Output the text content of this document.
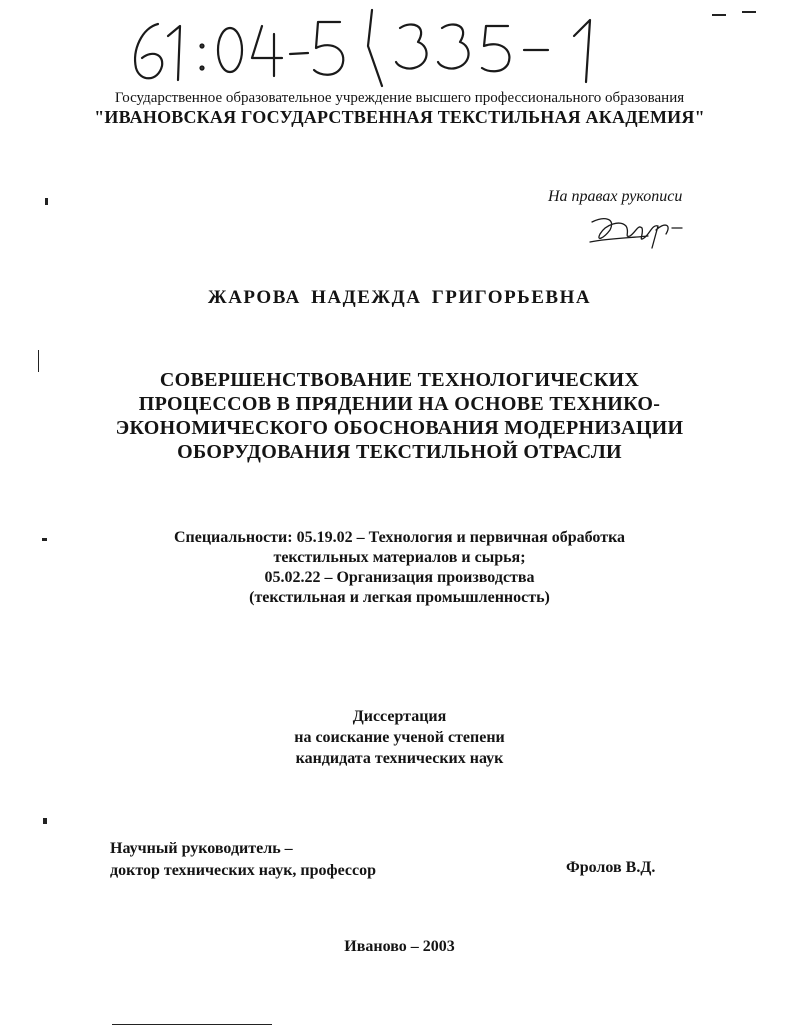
Государственное образовательное учреждение высшего профессионального образования
"ИВАНОВСКАЯ ГОСУДАРСТВЕННАЯ ТЕКСТИЛЬНАЯ АКАДЕМИЯ"
На правах рукописи
ЖАРОВА НАДЕЖДА ГРИГОРЬЕВНА
СОВЕРШЕНСТВОВАНИЕ ТЕХНОЛОГИЧЕСКИХ
ПРОЦЕССОВ В ПРЯДЕНИИ НА ОСНОВЕ ТЕХНИКО-
ЭКОНОМИЧЕСКОГО ОБОСНОВАНИЯ МОДЕРНИЗАЦИИ
ОБОРУДОВАНИЯ ТЕКСТИЛЬНОЙ ОТРАСЛИ
Специальности: 05.19.02 – Технология и первичная обработка
текстильных материалов и сырья;
05.02.22 – Организация производства
(текстильная и легкая промышленность)
Диссертация
на соискание ученой степени
кандидата технических наук
Научный руководитель –
доктор технических наук, профессор	Фролов В.Д.
Иваново – 2003
